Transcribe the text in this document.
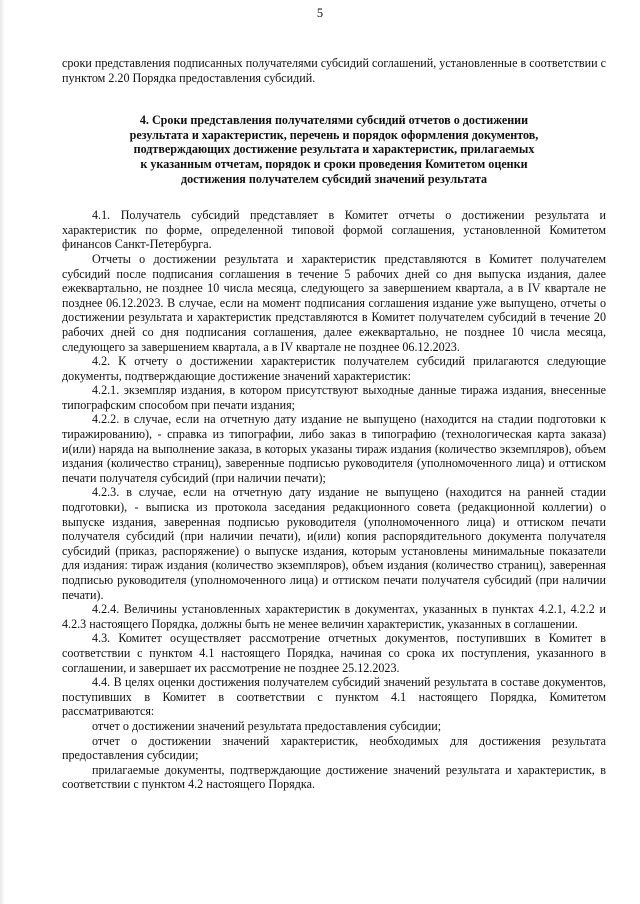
5

сроки представления подписанных получателями субсидий соглашений, установленные в соответствии с пунктом 2.20 Порядка предоставления субсидий.

4. Сроки представления получателями субсидий отчетов о достижении
результата и характеристик, перечень и порядок оформления документов,
подтверждающих достижение результата и характеристик, прилагаемых
к указанным отчетам, порядок и сроки проведения Комитетом оценки
достижения получателем субсидий значений результата

4.1. Получатель субсидий представляет в Комитет отчеты о достижении результата и характеристик по форме, определенной типовой формой соглашения, установленной Комитетом финансов Санкт-Петербурга.

Отчеты о достижении результата и характеристик представляются в Комитет получателем субсидий после подписания соглашения в течение 5 рабочих дней со дня выпуска издания, далее ежеквартально, не позднее 10 числа месяца, следующего за завершением квартала, а в IV квартале не позднее 06.12.2023. В случае, если на момент подписания соглашения издание уже выпущено, отчеты о достижении результата и характеристик представляются в Комитет получателем субсидий в течение 20 рабочих дней со дня подписания соглашения, далее ежеквартально, не позднее 10 числа месяца, следующего за завершением квартала, а в IV квартале не позднее 06.12.2023.

4.2. К отчету о достижении характеристик получателем субсидий прилагаются следующие документы, подтверждающие достижение значений характеристик:

4.2.1. экземпляр издания, в котором присутствуют выходные данные тиража издания, внесенные типографским способом при печати издания;

4.2.2. в случае, если на отчетную дату издание не выпущено (находится на стадии подготовки к тиражированию), - справка из типографии, либо заказ в типографию (технологическая карта заказа) и(или) наряда на выполнение заказа, в которых указаны тираж издания (количество экземпляров), объем издания (количество страниц), заверенные подписью руководителя (уполномоченного лица) и оттиском печати получателя субсидий (при наличии печати);

4.2.3. в случае, если на отчетную дату издание не выпущено (находится на ранней стадии подготовки), - выписка из протокола заседания редакционного совета (редакционной коллегии) о выпуске издания, заверенная подписью руководителя (уполномоченного лица) и оттиском печати получателя субсидий (при наличии печати), и(или) копия распорядительного документа получателя субсидий (приказ, распоряжение) о выпуске издания, которым установлены минимальные показатели для издания: тираж издания (количество экземпляров), объем издания (количество страниц), заверенная подписью руководителя (уполномоченного лица) и оттиском печати получателя субсидий (при наличии печати).

4.2.4. Величины установленных характеристик в документах, указанных в пунктах 4.2.1, 4.2.2 и 4.2.3 настоящего Порядка, должны быть не менее величин характеристик, указанных в соглашении.

4.3. Комитет осуществляет рассмотрение отчетных документов, поступивших в Комитет в соответствии с пунктом 4.1 настоящего Порядка, начиная со срока их поступления, указанного в соглашении, и завершает их рассмотрение не позднее 25.12.2023.

4.4. В целях оценки достижения получателем субсидий значений результата в составе документов, поступивших в Комитет в соответствии с пунктом 4.1 настоящего Порядка, Комитетом рассматриваются:

отчет о достижении значений результата предоставления субсидии;

отчет о достижении значений характеристик, необходимых для достижения результата предоставления субсидии;

прилагаемые документы, подтверждающие достижение значений результата и характеристик, в соответствии с пунктом 4.2 настоящего Порядка.
